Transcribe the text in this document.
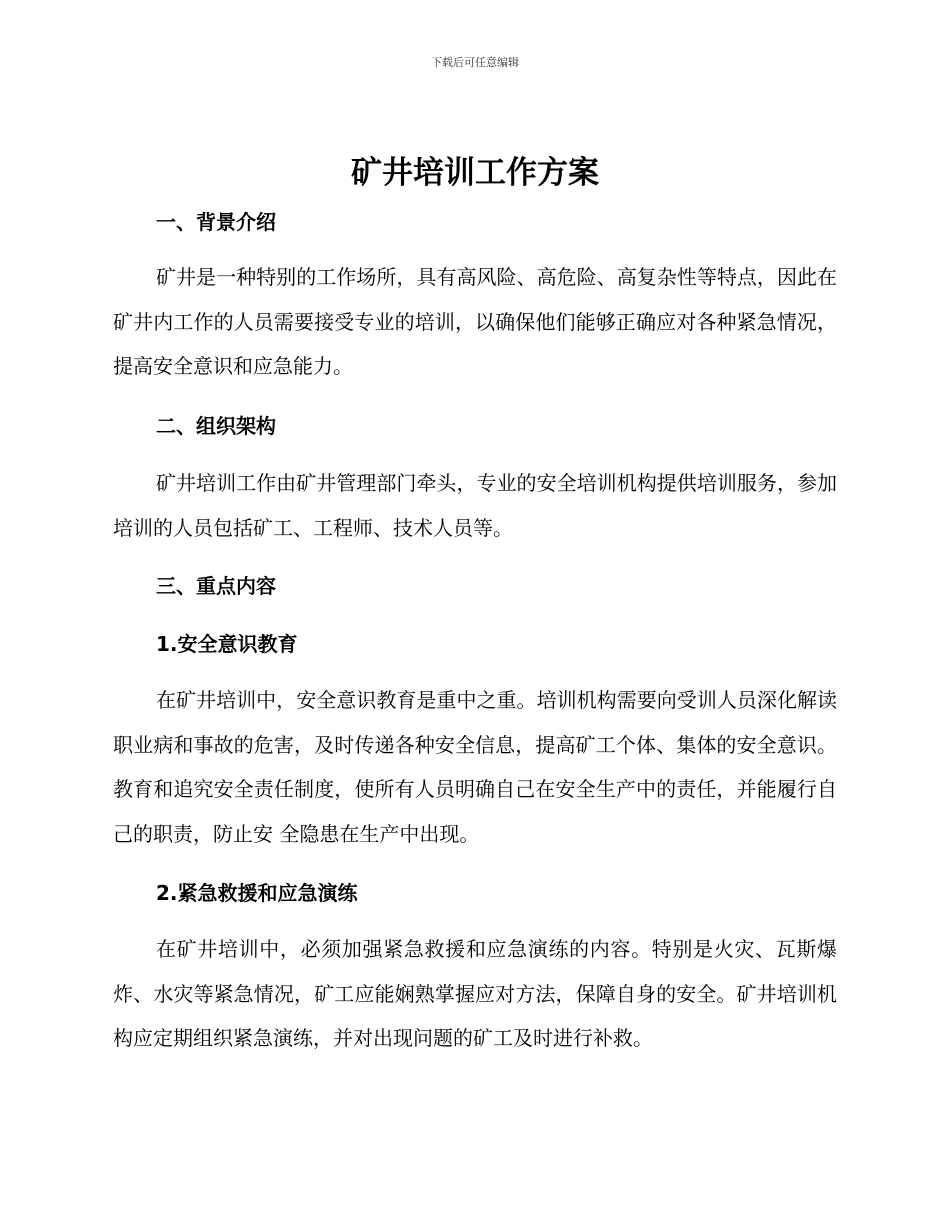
下载后可任意编辑
矿井培训工作方案
一、背景介绍

矿井是一种特别的工作场所，具有高风险、高危险、高复杂性等特点，因此在矿井内工作的人员需要接受专业的培训，以确保他们能够正确应对各种紧急情况，提高安全意识和应急能力。

二、组织架构

矿井培训工作由矿井管理部门牵头，专业的安全培训机构提供培训服务，参加培训的人员包括矿工、工程师、技术人员等。

三、重点内容
1.安全意识教育

在矿井培训中，安全意识教育是重中之重。培训机构需要向受训人员深化解读职业病和事故的危害，及时传递各种安全信息，提高矿工个体、集体的安全意识。教育和追究安全责任制度，使所有人员明确自己在安全生产中的责任，并能履行自己的职责，防止安 全隐患在生产中出现。

2.紧急救援和应急演练

在矿井培训中，必须加强紧急救援和应急演练的内容。特别是火灾、瓦斯爆炸、水灾等紧急情况，矿工应能娴熟掌握应对方法，保障自身的安全。矿井培训机构应定期组织紧急演练，并对出现问题的矿工及时进行补救。
